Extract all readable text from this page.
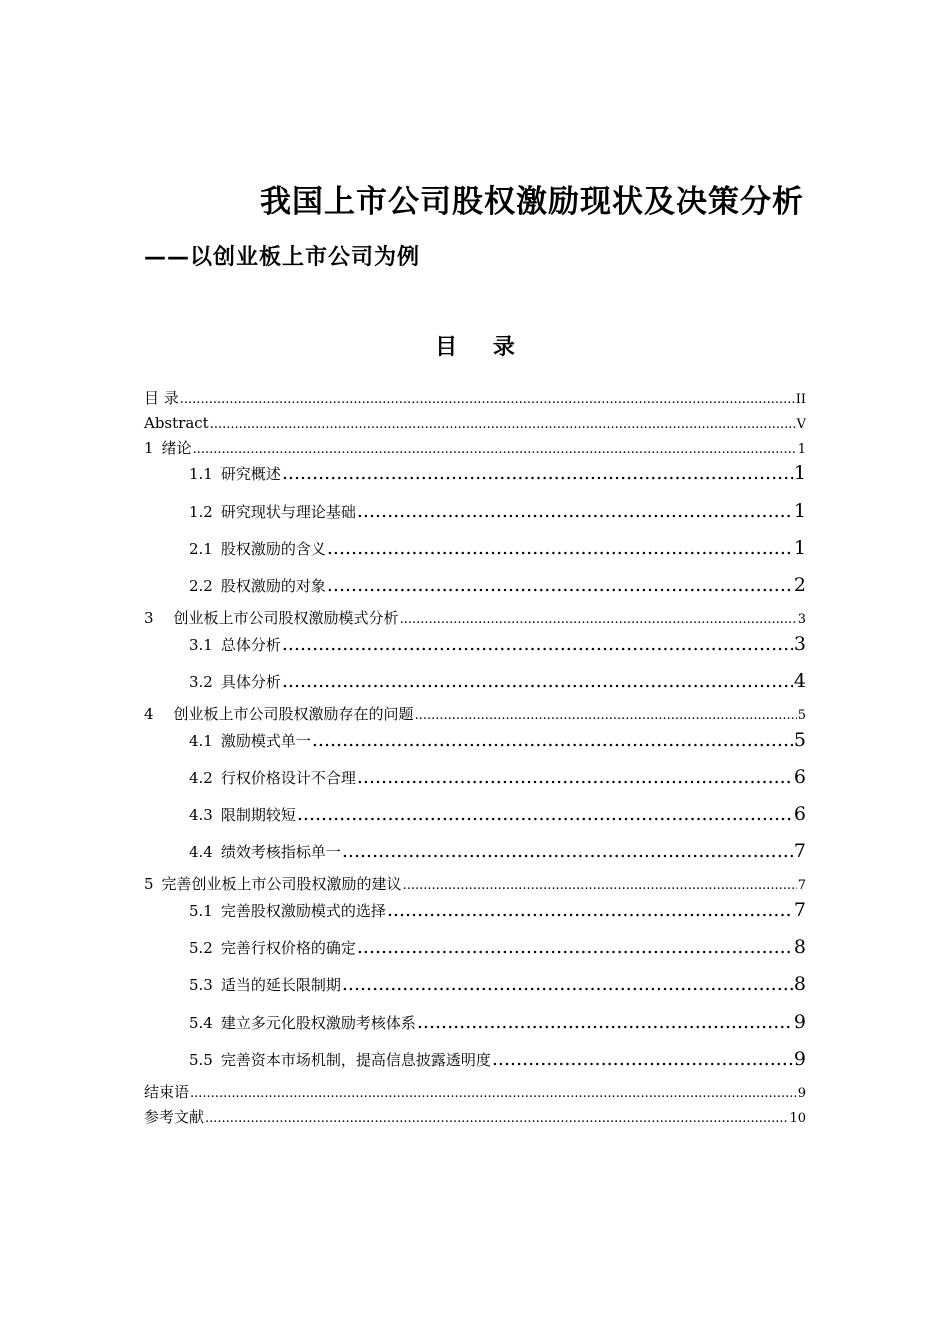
我国上市公司股权激励现状及决策分析——以创业板上市公司为例
目 录
目 录 .....	II
Abstract .....	V
1 绪论 .....	1
1.1 研究概述 .....	1
1.2 研究现状与理论基础 .....	1
2.1 股权激励的含义 .....	1
2.2 股权激励的对象 .....	2
3 创业板上市公司股权激励模式分析 .....	3
3.1 总体分析 .....	3
3.2 具体分析 .....	4
4 创业板上市公司股权激励存在的问题 .....	5
4.1 激励模式单一 .....	5
4.2 行权价格设计不合理 .....	6
4.3 限制期较短 .....	6
4.4 绩效考核指标单一 .....	7
5 完善创业板上市公司股权激励的建议 .....	7
5.1 完善股权激励模式的选择 .....	7
5.2 完善行权价格的确定 .....	8
5.3 适当的延长限制期 .....	8
5.4 建立多元化股权激励考核体系 .....	9
5.5 完善资本市场机制，提高信息披露透明度 .....	9
结束语 .....	9
参考文献 .....	10
